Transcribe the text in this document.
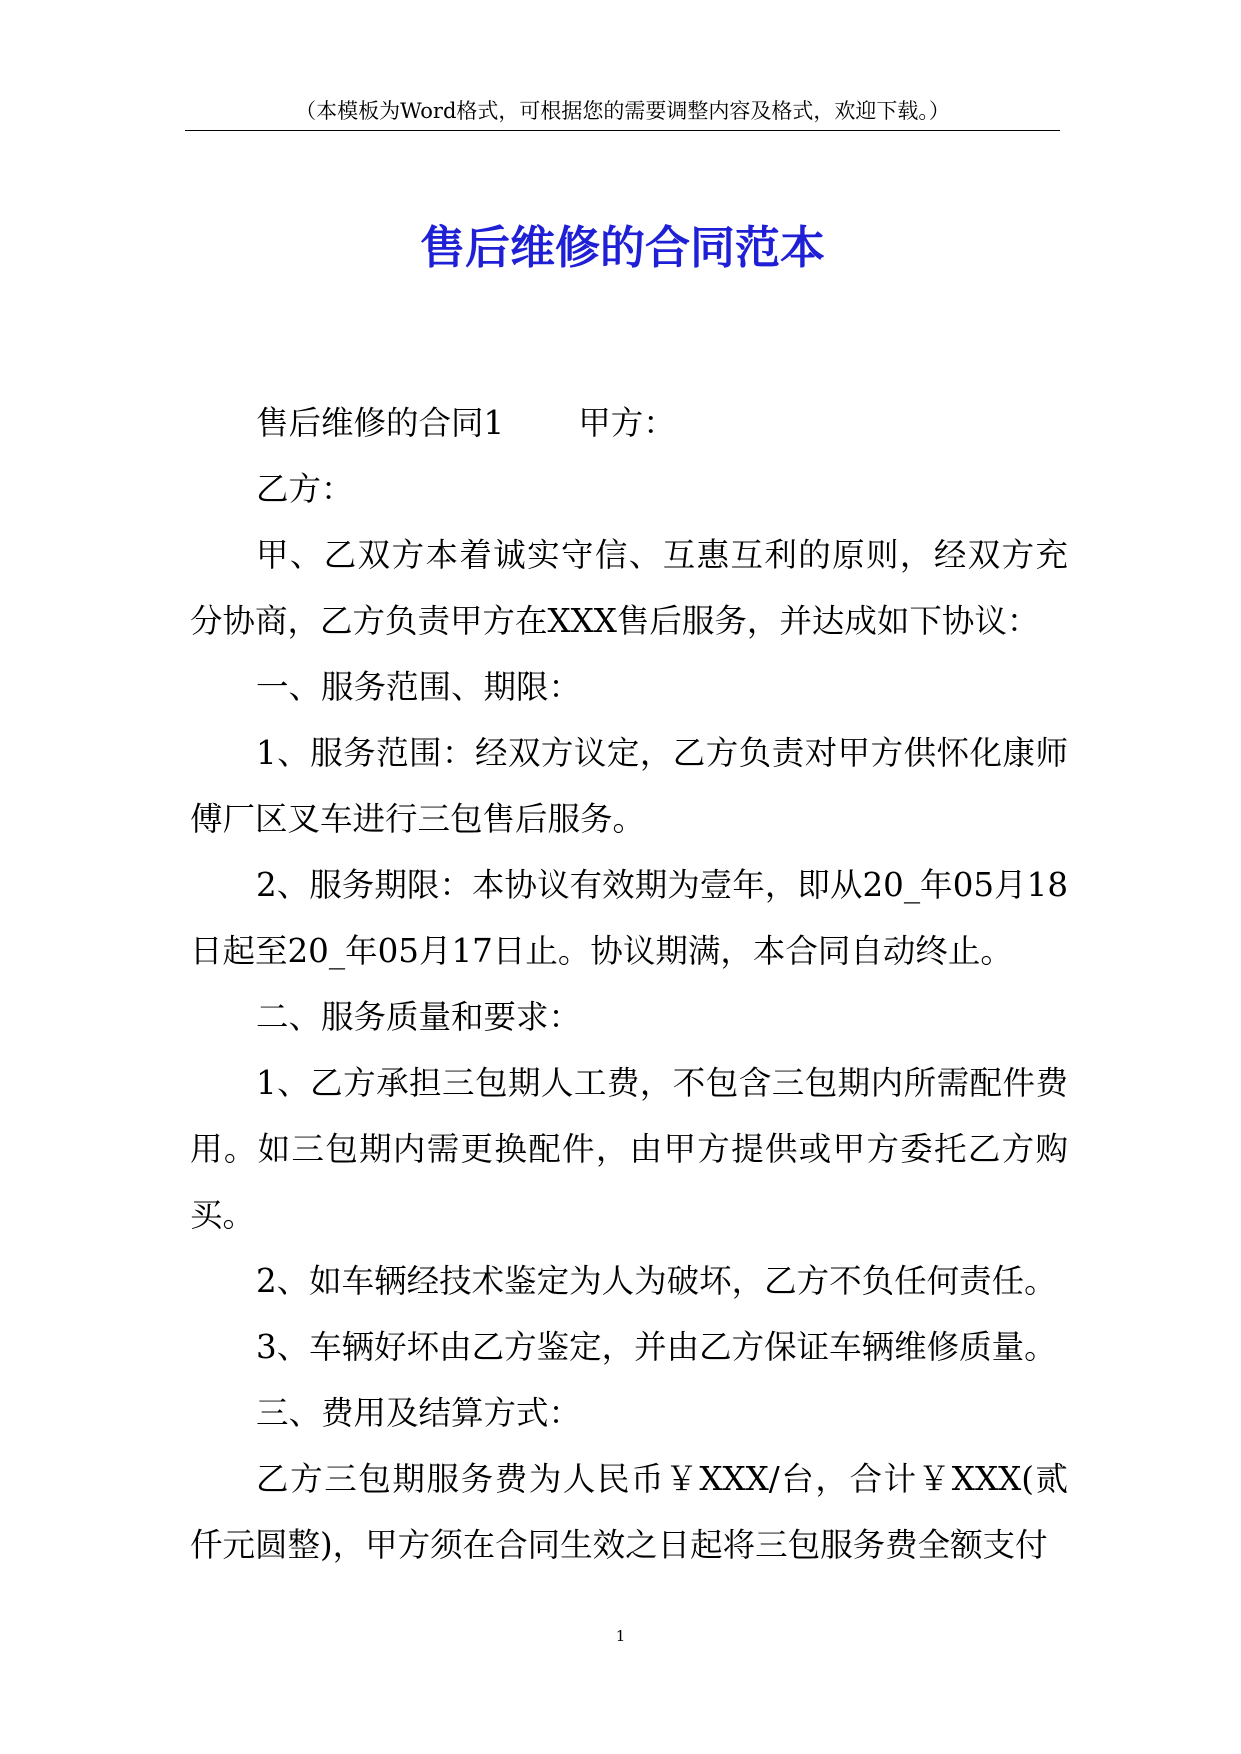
（本模板为Word格式，可根据您的需要调整内容及格式，欢迎下载。）
售后维修的合同范本

售后维修的合同1 甲方：

乙方：

甲、乙双方本着诚实守信、互惠互利的原则，经双方充分协商，乙方负责甲方在XXX售后服务，并达成如下协议：

一、服务范围、期限：

1、服务范围：经双方议定，乙方负责对甲方供怀化康师傅厂区叉车进行三包售后服务。

2、服务期限：本协议有效期为壹年，即从20_年05月18日起至20_年05月17日止。协议期满，本合同自动终止。

二、服务质量和要求：

1、乙方承担三包期人工费，不包含三包期内所需配件费用。如三包期内需更换配件，由甲方提供或甲方委托乙方购买。

2、如车辆经技术鉴定为人为破坏，乙方不负任何责任。

3、车辆好坏由乙方鉴定，并由乙方保证车辆维修质量。

三、费用及结算方式：

乙方三包期服务费为人民币￥XXX/台，合计￥XXX(贰仟元圆整)，甲方须在合同生效之日起将三包服务费全额支付

1
